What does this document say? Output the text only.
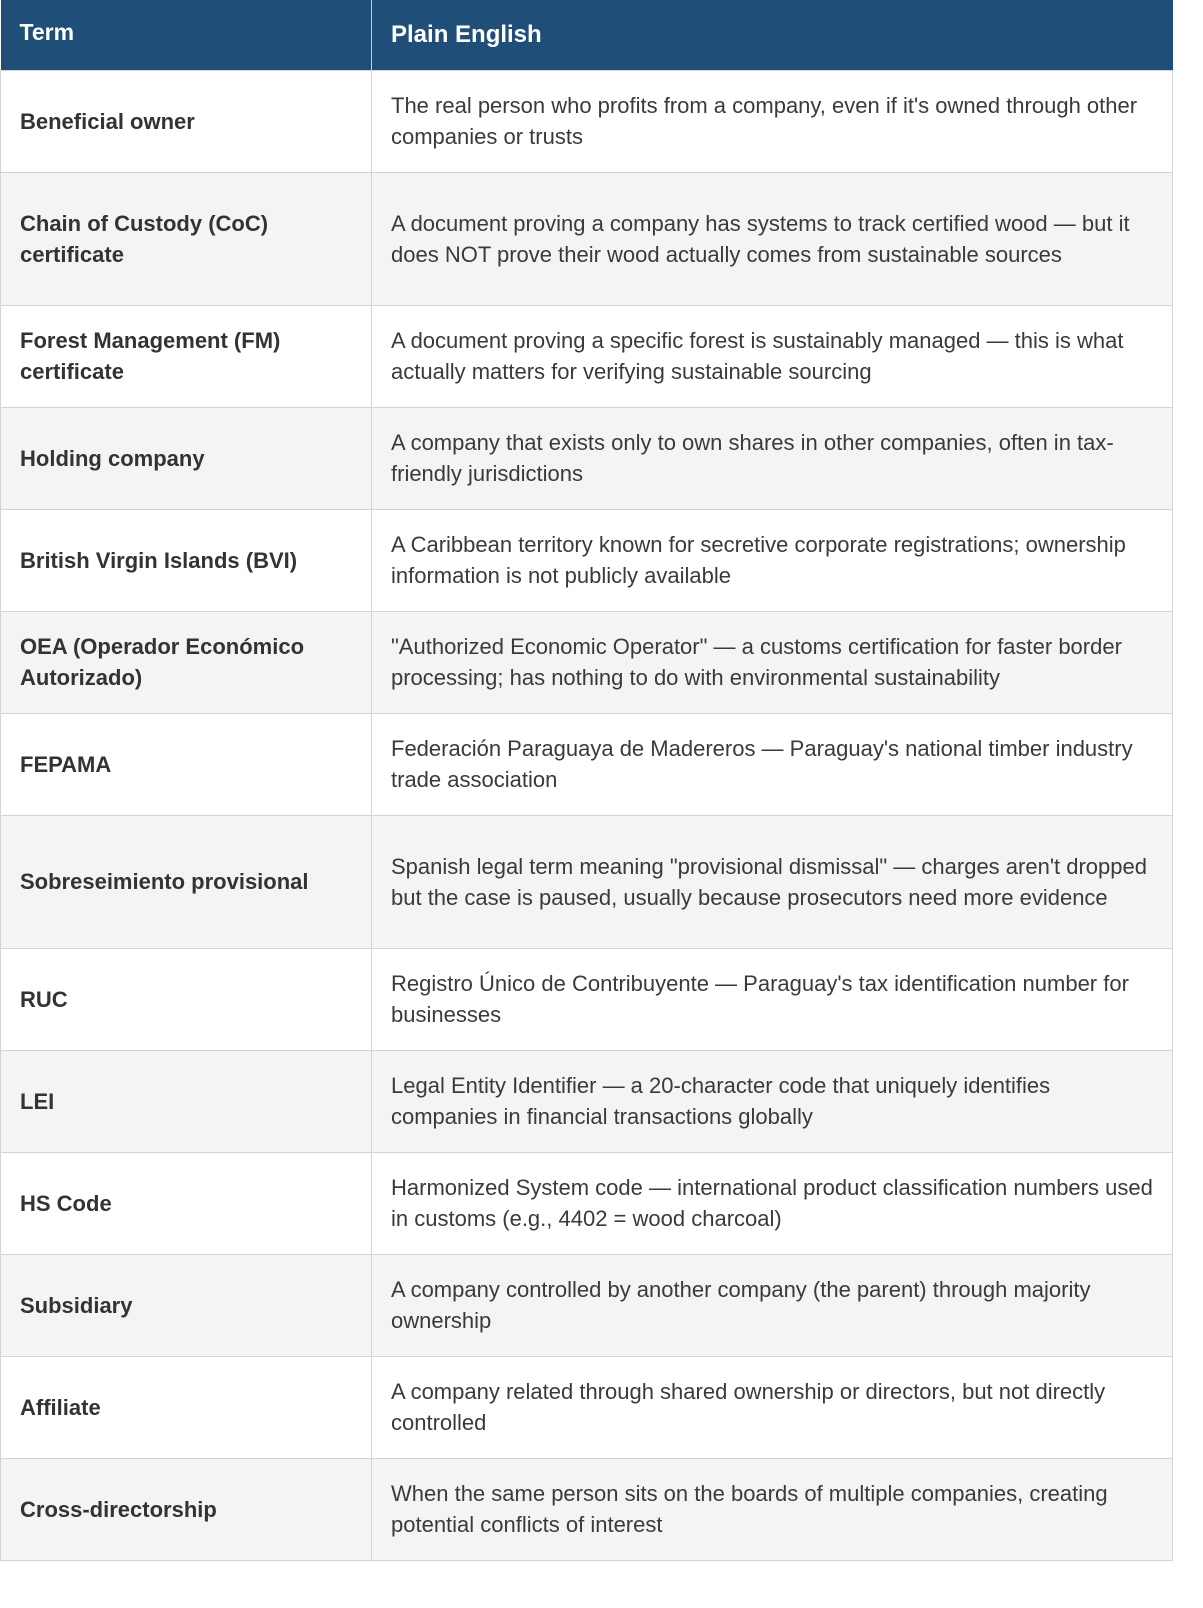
Term	Plain English
Beneficial owner	The real person who profits from a company, even if it's owned through other companies or trusts
Chain of Custody (CoC) certificate	A document proving a company has systems to track certified wood — but it does NOT prove their wood actually comes from sustainable sources
Forest Management (FM) certificate	A document proving a specific forest is sustainably managed — this is what actually matters for verifying sustainable sourcing
Holding company	A company that exists only to own shares in other companies, often in tax-friendly jurisdictions
British Virgin Islands (BVI)	A Caribbean territory known for secretive corporate registrations; ownership information is not publicly available
OEA (Operador Económico Autorizado)	"Authorized Economic Operator" — a customs certification for faster border processing; has nothing to do with environmental sustainability
FEPAMA	Federación Paraguaya de Madereros — Paraguay's national timber industry trade association
Sobreseimiento provisional	Spanish legal term meaning "provisional dismissal" — charges aren't dropped but the case is paused, usually because prosecutors need more evidence
RUC	Registro Único de Contribuyente — Paraguay's tax identification number for businesses
LEI	Legal Entity Identifier — a 20-character code that uniquely identifies companies in financial transactions globally
HS Code	Harmonized System code — international product classification numbers used in customs (e.g., 4402 = wood charcoal)
Subsidiary	A company controlled by another company (the parent) through majority ownership
Affiliate	A company related through shared ownership or directors, but not directly controlled
Cross-directorship	When the same person sits on the boards of multiple companies, creating potential conflicts of interest
